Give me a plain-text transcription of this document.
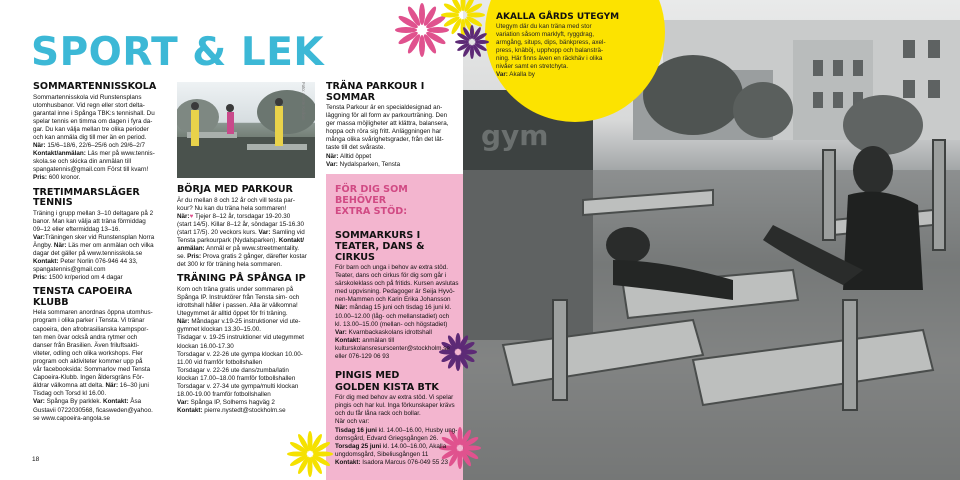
gym
AKALLA GÅRDS UTEGYM

Utegym där du kan träna med stor

variation såsom marklyft, ryggdrag,

armgång, situps, dips, bänkpress, axel-

press, knäböj, upphopp och balansträ-

ning. Här finns även en räckhäv i olika

nivåer samt en stretchyta.

Var: Akalla by

SPORT & LEK
Foto: Anette Kalliom
SOMMARTENNISSKOLA

Sommartennisskola vid Runstensplans

utomhusbanor. Vid regn eller stort delta-

garantal inne i Spånga TBK:s tennishall. Du

spelar tennis en timma om dagen i fyra da-

gar. Du kan välja mellan tre olika perioder

och kan anmäla dig till mer än en period.

När: 15/6–18/6, 22/6–25/6 och 29/6–2/7

Kontakt/anmälan: Läs mer på www.tennis-

skola.se och skicka din anmälan till

spangatennis@gmail.com Först till kvarn!

Pris: 600 kronor.

TRETIMMARSLÄGER TENNIS

Träning i grupp mellan 3–10 deltagare på 2

banor. Man kan välja att träna förmiddag

09–12 eller eftermiddag 13–16.

Var:Träningen sker vid Runstensplan Norra

Ängby. När: Läs mer om anmälan och vilka

dagar det gäller på www.tennisskola.se

Kontakt: Peter Norlin 076-946 44 33,

spangatennis@gmail.com

Pris: 1500 kr/period om 4 dagar

TENSTA CAPOEIRA KLUBB

Hela sommaren anordnas öppna utomhus-

program i olika parker i Tensta. Vi tränar

capoeira, den afrobrasilianska kampspor-

ten men övar också andra rytmer och

danser från Brasilien. Även friluftsakti-

viteter, odling och olika workshops. Fler

program och aktiviteter kommer upp på

vår facebooksida: Sommarlov med Tensta

Capoeira-Klubb. Ingen åldersgräns För-

äldrar välkomna att delta. När: 16–30 juni

Tisdag och Torsd kl 16.00.

Var: Spånga By parklek. Kontakt: Åsa

Gustavii 0722030568, ficasweden@yahoo.

se www.capoeira-angola.se

BÖRJA MED PARKOUR

Är du mellan 8 och 12 år och vill testa par-

kour? Nu kan du träna hela sommaren!

När:♥ Tjejer 8–12 år, torsdagar 19-20.30

(start 14/5). Killar 8–12 år, söndagar 15-16.30

(start 17/5). 20 veckors kurs. Var: Samling vid

Tensta parkourpark (Nydalsparken). Kontakt/

anmälan: Anmäl er på www.streetmentality.

se. Pris: Prova gratis 2 gånger, därefter kostar

det 300 kr för träning hela sommaren.

TRÄNING PÅ SPÅNGA IP

Kom och träna gratis under sommaren på

Spånga IP. Instruktörer från Tensta sim- och

idrottshall håller i passen. Alla är välkomna!

Utegymmet är alltid öppet för fri träning.

När: Måndagar v.19-25 instruktioner vid ute-

gymmet klockan 13.30–15.00.

Tisdagar v. 19-25 instruktioner vid utegymmet

klockan 16.00-17.30

Torsdagar v. 22-26 ute gympa klockan 10.00-

11.00 vid framför fotbollshallen

Torsdagar v. 22-26 ute dans/zumba/latin

klockan 17.00–18.00 framför fotbollshallen

Torsdagar v. 27-34 ute gympa/multi klockan

18.00-19.00 framför fotbollshallen

Var: Spånga IP, Solhems hagväg 2

Kontakt: pierre.nystedt@stockholm.se

TRÄNA PARKOUR I SOMMAR

Tensta Parkour är en specialdesignad an-

läggning för all form av parkourträning. Den

ger massa möjligheter att klättra, balansera,

hoppa och röra sig fritt. Anläggningen har

många olika svårighetsgrader, från det lät-

taste till det svåraste.

När: Alltid öppet

Var: Nydalsparken, Tensta

FÖR DIG SOM BEHÖVER
EXTRA STÖD:
SOMMARKURS I
TEATER, DANS & CIRKUS

För barn och unga i behov av extra stöd.

Teater, dans och cirkus för dig som går i

särskoleklass och på fritids. Kursen avslutas

med uppvisning. Pedagoger är Seija Hyvö-

nen-Mammen och Karin Erika Johansson

När: måndag 15 juni och tisdag 16 juni kl.

10.00–12.00 (låg- och mellanstadiet) och

kl. 13.00–15.00 (mellan- och högstadiet)

Var: Kvarnbackaskolans idrottshall

Kontakt: anmälan till

kulturskolansresurscenter@stockholm.se

eller 076-129 06 93

PINGIS MED
GOLDEN KISTA BTK

För dig med behov av extra stöd. Vi spelar

pingis och har kul. Inga förkunskaper krävs

och du får låna rack och bollar.

När och var:

Tisdag 16 juni kl. 14.00–16.00, Husby ung-

domsgård, Edvard Griegsgången 26.

Torsdag 25 juni kl. 14.00–16.00, Akalla

ungdomsgård, Sibeliusgången 11

Kontakt: Isadora Marcus 076-049 55 23

18
